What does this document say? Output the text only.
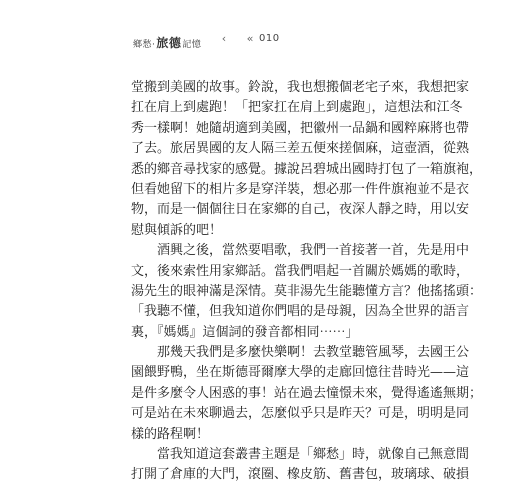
鄉愁· 旅德 記憶	‹	‹‹ 010
堂搬到美國的故事。鈴說，我也想搬個老宅子來，我想把家
扛在肩上到處跑！「把家扛在肩上到處跑」，這想法和江冬
秀一樣啊！她隨胡適到美國，把徽州一品鍋和國粹麻將也帶
了去。旅居異國的友人隔三差五便來搓個麻，這壺酒，從熟
悉的鄉音尋找家的感覺。據說呂碧城出國時打包了一箱旗袍，
但看她留下的相片多是穿洋裝，想必那一件件旗袍並不是衣
物，而是一個個往日在家鄉的自己，夜深人靜之時，用以安
慰與傾訴的吧！
酒興之後，當然要唱歌，我們一首接著一首，先是用中
文，後來索性用家鄉話。當我們唱起一首關於媽媽的歌時，
湯先生的眼神滿是深情。莫非湯先生能聽懂方言？他搖搖頭：
「我聽不懂，但我知道你們唱的是母親，因為全世界的語言
裏，『媽媽』這個詞的發音都相同⋯⋯」
那幾天我們是多麼快樂啊！去教堂聽管風琴，去國王公
園餵野鴨，坐在斯德哥爾摩大學的走廊回憶往昔時光——這
是件多麼令人困惑的事！站在過去憧憬未來，覺得遙遙無期；
可是站在未來聊過去，怎麼似乎只是昨天？可是，明明是同
樣的路程啊！
當我知道這套叢書主題是「鄉愁」時，就像自己無意間
打開了倉庫的大門，滾圈、橡皮筋、舊書包，玻璃球、破損
